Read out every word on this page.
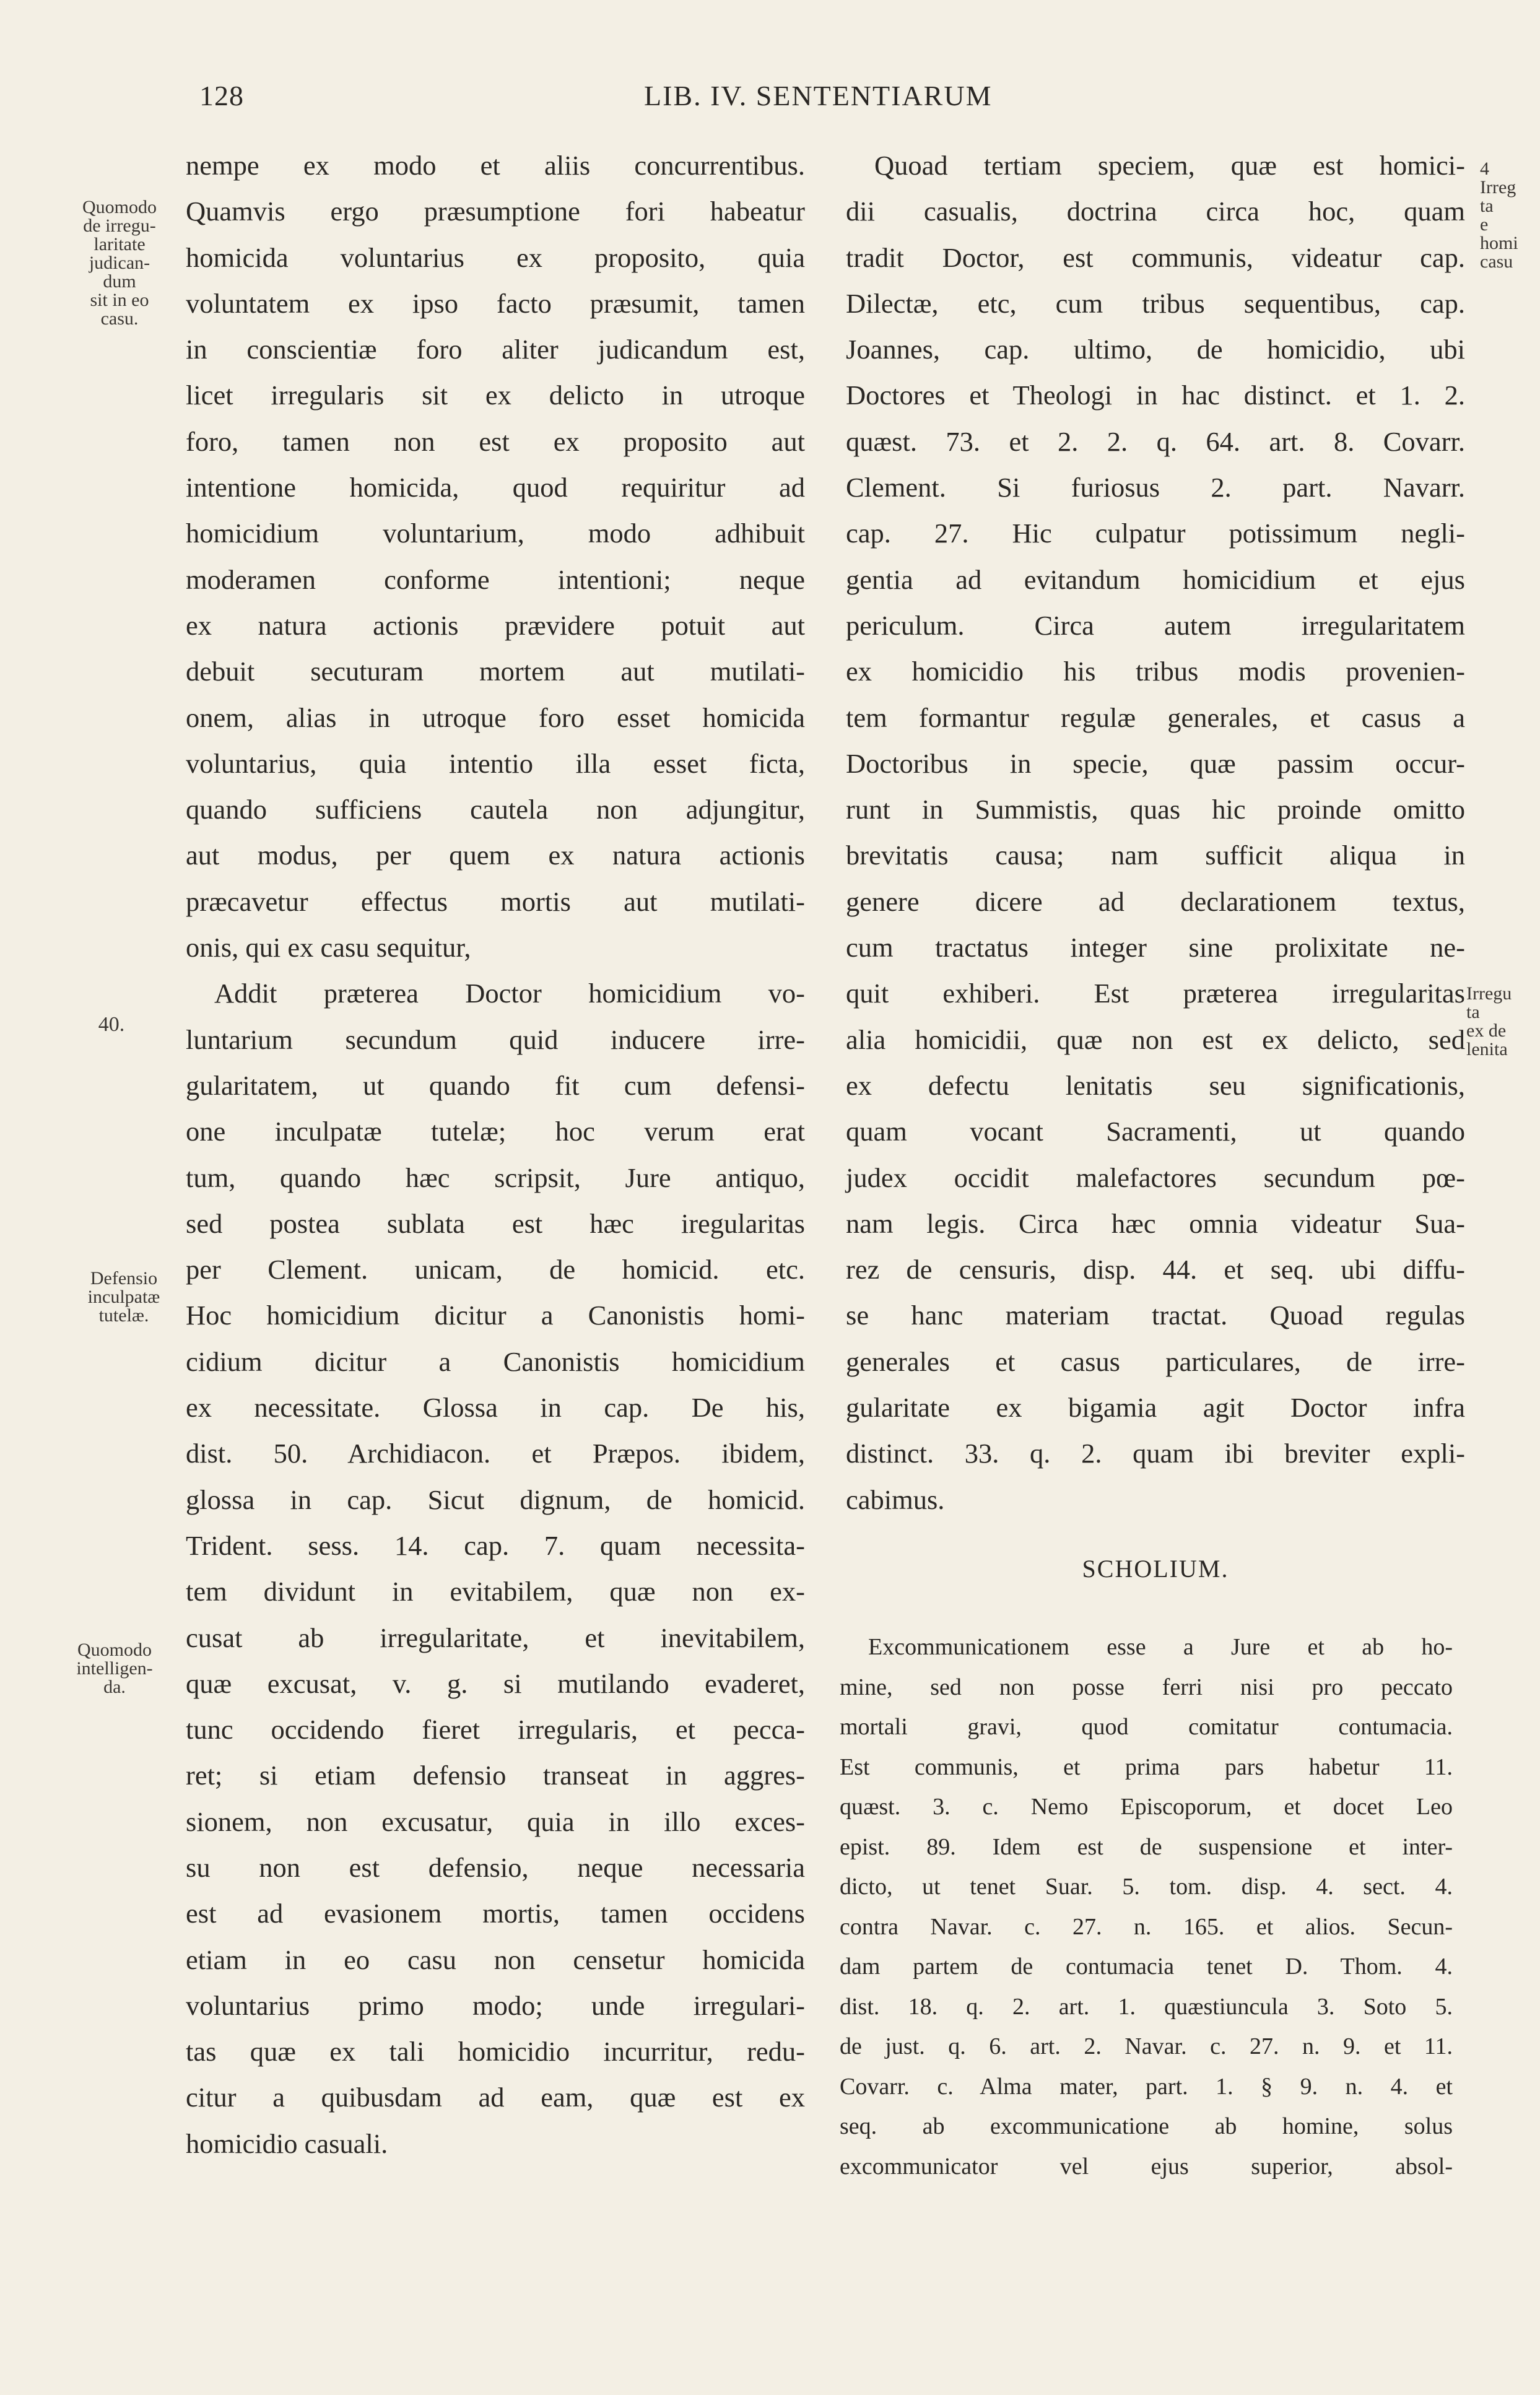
128	LIB. IV. SENTENTIARUM
Quomodo
de irregu-
laritate
judican-
dum
sit in eo
casu.
40.
Defensio
inculpatæ
tutelæ.
Quomodo
intelligen-
da.
4
Irreg
ta
e
homi
casu
Irregu
ta
ex de
lenita
nempe ex modo et aliis concurrentibus.
Quamvis ergo præsumptione fori habeatur
homicida voluntarius ex proposito, quia
voluntatem ex ipso facto præsumit, tamen
in conscientiæ foro aliter judicandum est,
licet irregularis sit ex delicto in utroque
foro, tamen non est ex proposito aut
intentione homicida, quod requiritur ad
homicidium voluntarium, modo adhibuit
moderamen conforme intentioni; neque
ex natura actionis prævidere potuit aut
debuit secuturam mortem aut mutilati-
onem, alias in utroque foro esset homicida
voluntarius, quia intentio illa esset ficta,
quando sufficiens cautela non adjungitur,
aut modus, per quem ex natura actionis
præcavetur effectus mortis aut mutilati-
onis, qui ex casu sequitur,
Addit præterea Doctor homicidium vo-
luntarium secundum quid inducere irre-
gularitatem, ut quando fit cum defensi-
one inculpatæ tutelæ; hoc verum erat
tum, quando hæc scripsit, Jure antiquo,
sed postea sublata est hæc iregularitas
per Clement. unicam, de homicid. etc.
Hoc homicidium dicitur a Canonistis homi-
cidium dicitur a Canonistis homicidium
ex necessitate. Glossa in cap. De his,
dist. 50. Archidiacon. et Præpos. ibidem,
glossa in cap. Sicut dignum, de homicid.
Trident. sess. 14. cap. 7. quam necessita-
tem dividunt in evitabilem, quæ non ex-
cusat ab irregularitate, et inevitabilem,
quæ excusat, v. g. si mutilando evaderet,
tunc occidendo fieret irregularis, et pecca-
ret; si etiam defensio transeat in aggres-
sionem, non excusatur, quia in illo exces-
su non est defensio, neque necessaria
est ad evasionem mortis, tamen occidens
etiam in eo casu non censetur homicida
voluntarius primo modo; unde irregulari-
tas quæ ex tali homicidio incurritur, redu-
citur a quibusdam ad eam, quæ est ex
homicidio casuali.
Quoad tertiam speciem, quæ est homici-
dii casualis, doctrina circa hoc, quam
tradit Doctor, est communis, videatur cap.
Dilectæ, etc, cum tribus sequentibus, cap.
Joannes, cap. ultimo, de homicidio, ubi
Doctores et Theologi in hac distinct. et 1. 2.
quæst. 73. et 2. 2. q. 64. art. 8. Covarr.
Clement. Si furiosus 2. part. Navarr.
cap. 27. Hic culpatur potissimum negli-
gentia ad evitandum homicidium et ejus
periculum. Circa autem irregularitatem
ex homicidio his tribus modis provenien-
tem formantur regulæ generales, et casus a
Doctoribus in specie, quæ passim occur-
runt in Summistis, quas hic proinde omitto
brevitatis causa; nam sufficit aliqua in
genere dicere ad declarationem textus,
cum tractatus integer sine prolixitate ne-
quit exhiberi. Est præterea irregularitas
alia homicidii, quæ non est ex delicto, sed
ex defectu lenitatis seu significationis,
quam vocant Sacramenti, ut quando
judex occidit malefactores secundum pœ-
nam legis. Circa hæc omnia videatur Sua-
rez de censuris, disp. 44. et seq. ubi diffu-
se hanc materiam tractat. Quoad regulas
generales et casus particulares, de irre-
gularitate ex bigamia agit Doctor infra
distinct. 33. q. 2. quam ibi breviter expli-
cabimus.
SCHOLIUM.
Excommunicationem esse a Jure et ab ho-
mine, sed non posse ferri nisi pro peccato
mortali gravi, quod comitatur contumacia.
Est communis, et prima pars habetur 11.
quæst. 3. c. Nemo Episcoporum, et docet Leo
epist. 89. Idem est de suspensione et inter-
dicto, ut tenet Suar. 5. tom. disp. 4. sect. 4.
contra Navar. c. 27. n. 165. et alios. Secun-
dam partem de contumacia tenet D. Thom. 4.
dist. 18. q. 2. art. 1. quæstiuncula 3. Soto 5.
de just. q. 6. art. 2. Navar. c. 27. n. 9. et 11.
Covarr. c. Alma mater, part. 1. § 9. n. 4. et
seq. ab excommunicatione ab homine, solus
excommunicator vel ejus superior, absol-
